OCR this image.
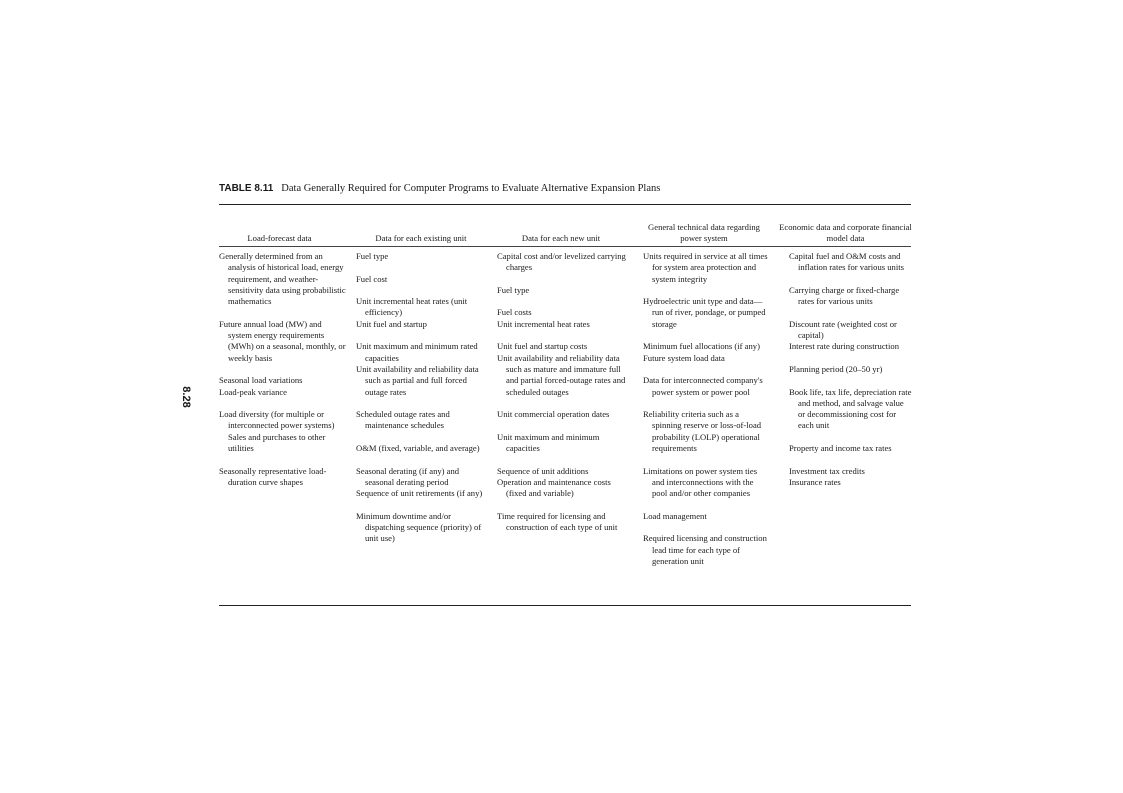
8.28
TABLE 8.11 Data Generally Required for Computer Programs to Evaluate Alternative Expansion Plans
Load-forecast data	Data for each existing unit	Data for each new unit
General technical data regarding power system
Economic data and corporate financial model data
Generally determined from an analysis of historical load, energy requirement, and weather-sensitivity data using probabilistic mathematics
Future annual load (MW) and system energy requirements (MWh) on a seasonal, monthly, or weekly basis
Seasonal load variations
Load-peak variance
Load diversity (for multiple or interconnected power systems) Sales and purchases to other utilities
Seasonally representative load-duration curve shapes
Fuel type
Fuel cost
Unit incremental heat rates (unit efficiency)
Unit fuel and startup
Unit maximum and minimum rated capacities
Unit availability and reliability data such as partial and full forced outage rates
Scheduled outage rates and maintenance schedules
O&M (fixed, variable, and average)
Seasonal derating (if any) and seasonal derating period
Sequence of unit retirements (if any)
Minimum downtime and/or dispatching sequence (priority) of unit use)
Capital cost and/or levelized carrying charges
Fuel type
Fuel costs
Unit incremental heat rates
Unit fuel and startup costs
Unit availability and reliability data such as mature and immature full and partial forced-outage rates and scheduled outages
Unit commercial operation dates
Unit maximum and minimum capacities
Sequence of unit additions
Operation and maintenance costs (fixed and variable)
Time required for licensing and construction of each type of unit
Units required in service at all times for system area protection and system integrity
Hydroelectric unit type and data—run of river, pondage, or pumped storage
Minimum fuel allocations (if any)
Future system load data
Data for interconnected company's power system or power pool
Reliability criteria such as a spinning reserve or loss-of-load probability (LOLP) operational requirements
Limitations on power system ties and interconnections with the pool and/or other companies
Load management
Required licensing and construction lead time for each type of generation unit
Capital fuel and O&M costs and inflation rates for various units
Carrying charge or fixed-charge rates for various units
Discount rate (weighted cost or capital)
Interest rate during construction
Planning period (20–50 yr)
Book life, tax life, depreciation rate and method, and salvage value or decommissioning cost for each unit
Property and income tax rates
Investment tax credits
Insurance rates
